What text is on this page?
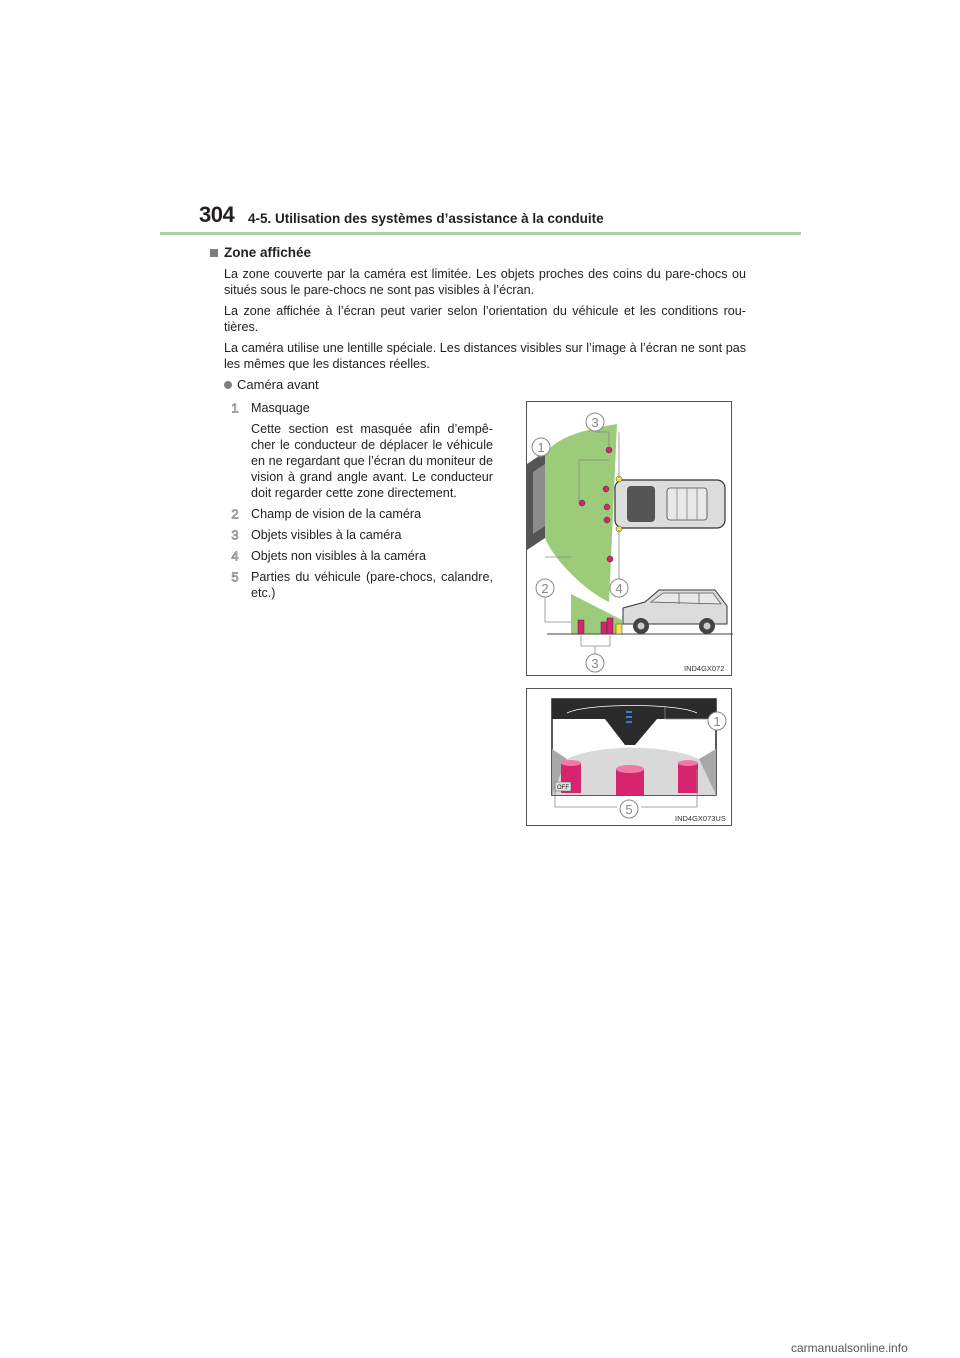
304 4-5. Utilisation des systèmes d’assistance à la conduite
Zone affichée

La zone couverte par la caméra est limitée. Les objets proches des coins du pare-chocs ou situés sous le pare-chocs ne sont pas visibles à l’écran.

La zone affichée à l’écran peut varier selon l’orientation du véhicule et les conditions rou-tières.

La caméra utilise une lentille spéciale. Les distances visibles sur l’image à l’écran ne sont pas les mêmes que les distances réelles.

Caméra avant
1 Masquage
Cette section est masquée afin d’empê-cher le conducteur de déplacer le véhicule en ne regardant que l’écran du moniteur de vision à grand angle avant. Le conducteur doit regarder cette zone directement.
2 Champ de vision de la caméra
3 Objets visibles à la caméra
4 Objets non visibles à la caméra
5 Parties du véhicule (pare-chocs, calandre, etc.)
1
2
3
3
4
IND4GX072
OFF
1
5
IND4GX073US
carmanualsonline.info
